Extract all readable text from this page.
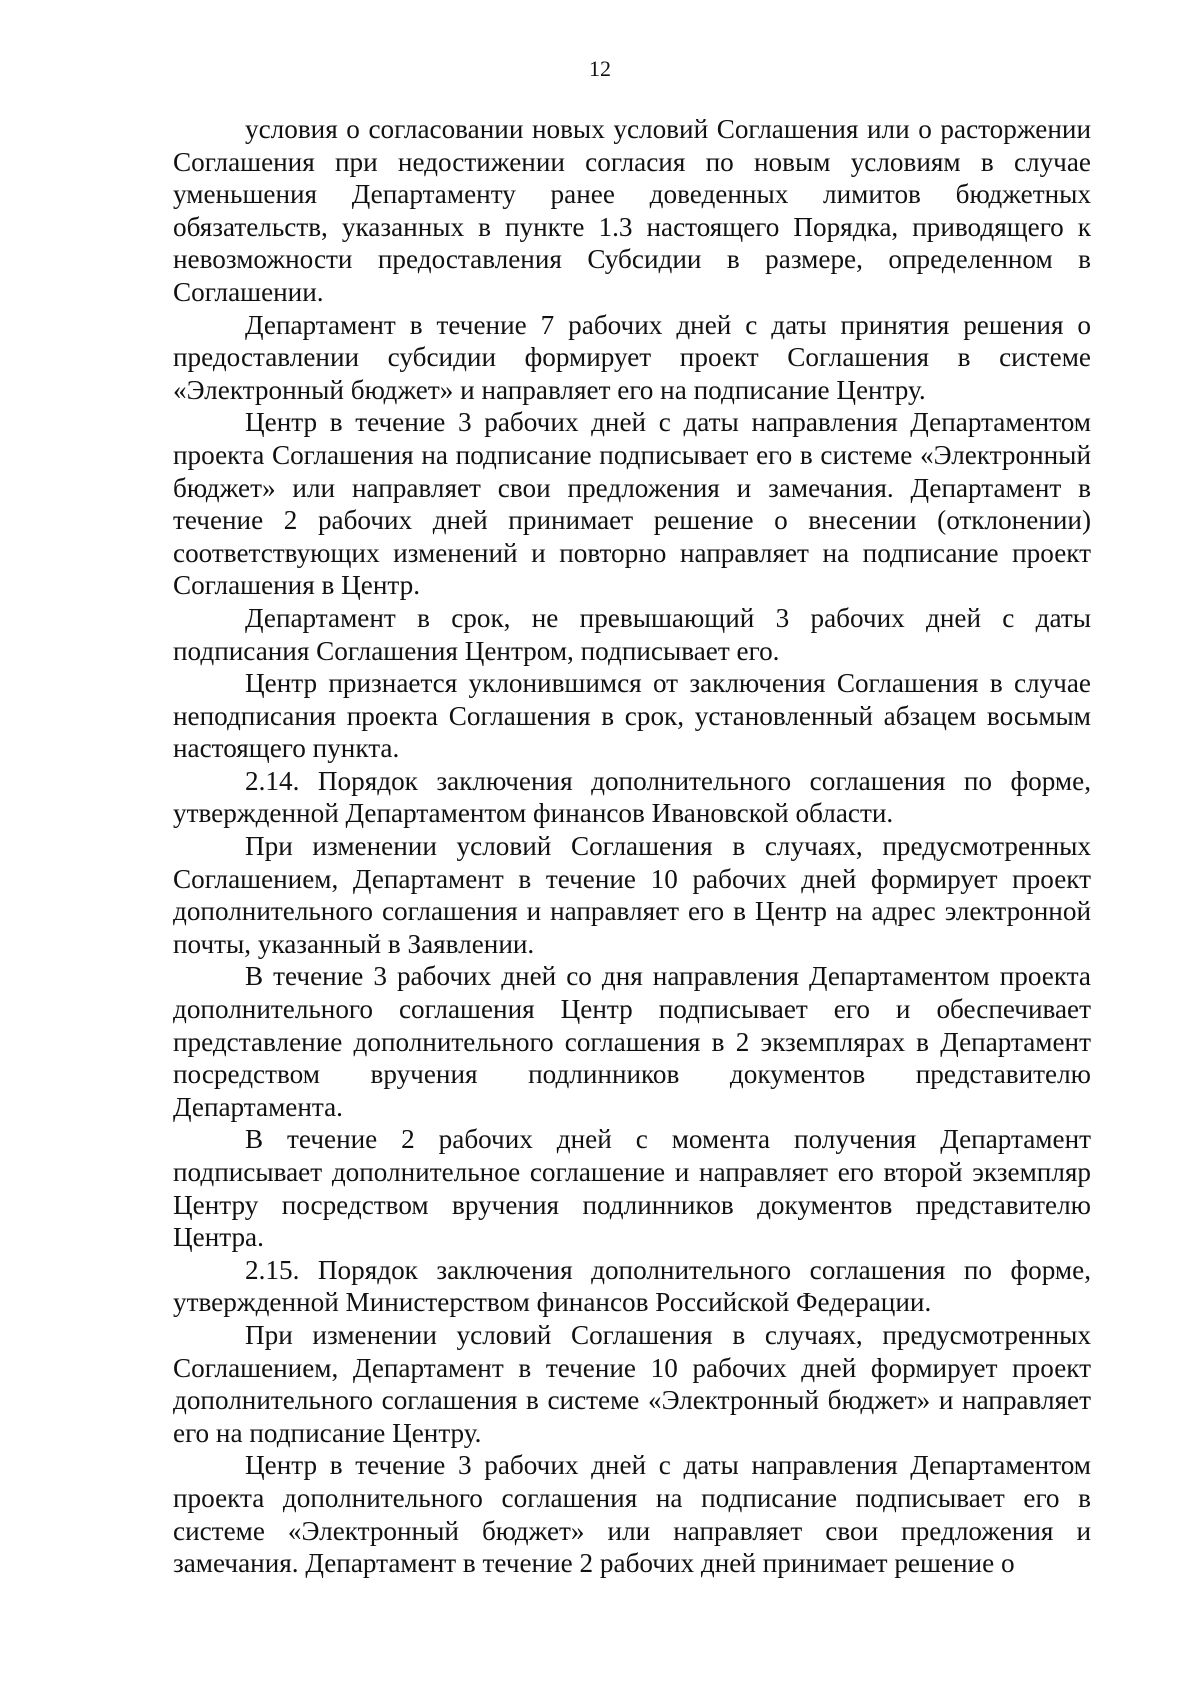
12

условия о согласовании новых условий Соглашения или о расторжении Соглашения при недостижении согласия по новым условиям в случае уменьшения Департаменту ранее доведенных лимитов бюджетных обязательств, указанных в пункте 1.3 настоящего Порядка, приводящего к невозможности предоставления Субсидии в размере, определенном в Соглашении.

Департамент в течение 7 рабочих дней с даты принятия решения о предоставлении субсидии формирует проект Соглашения в системе «Электронный бюджет» и направляет его на подписание Центру.

Центр в течение 3 рабочих дней с даты направления Департаментом проекта Соглашения на подписание подписывает его в системе «Электронный бюджет» или направляет свои предложения и замечания. Департамент в течение 2 рабочих дней принимает решение о внесении (отклонении) соответствующих изменений и повторно направляет на подписание проект Соглашения в Центр.

Департамент в срок, не превышающий 3 рабочих дней с даты подписания Соглашения Центром, подписывает его.

Центр признается уклонившимся от заключения Соглашения в случае неподписания проекта Соглашения в срок, установленный абзацем восьмым настоящего пункта.

2.14. Порядок заключения дополнительного соглашения по форме, утвержденной Департаментом финансов Ивановской области.

При изменении условий Соглашения в случаях, предусмотренных Соглашением, Департамент в течение 10 рабочих дней формирует проект дополнительного соглашения и направляет его в Центр на адрес электронной почты, указанный в Заявлении.

В течение 3 рабочих дней со дня направления Департаментом проекта дополнительного соглашения Центр подписывает его и обеспечивает представление дополнительного соглашения в 2 экземплярах в Департамент посредством вручения подлинников документов представителю Департамента.

В течение 2 рабочих дней с момента получения Департамент подписывает дополнительное соглашение и направляет его второй экземпляр Центру посредством вручения подлинников документов представителю Центра.

2.15. Порядок заключения дополнительного соглашения по форме, утвержденной Министерством финансов Российской Федерации.

При изменении условий Соглашения в случаях, предусмотренных Соглашением, Департамент в течение 10 рабочих дней формирует проект дополнительного соглашения в системе «Электронный бюджет» и направляет его на подписание Центру.

Центр в течение 3 рабочих дней с даты направления Департаментом проекта дополнительного соглашения на подписание подписывает его в системе «Электронный бюджет» или направляет свои предложения и замечания. Департамент в течение 2 рабочих дней принимает решение о
